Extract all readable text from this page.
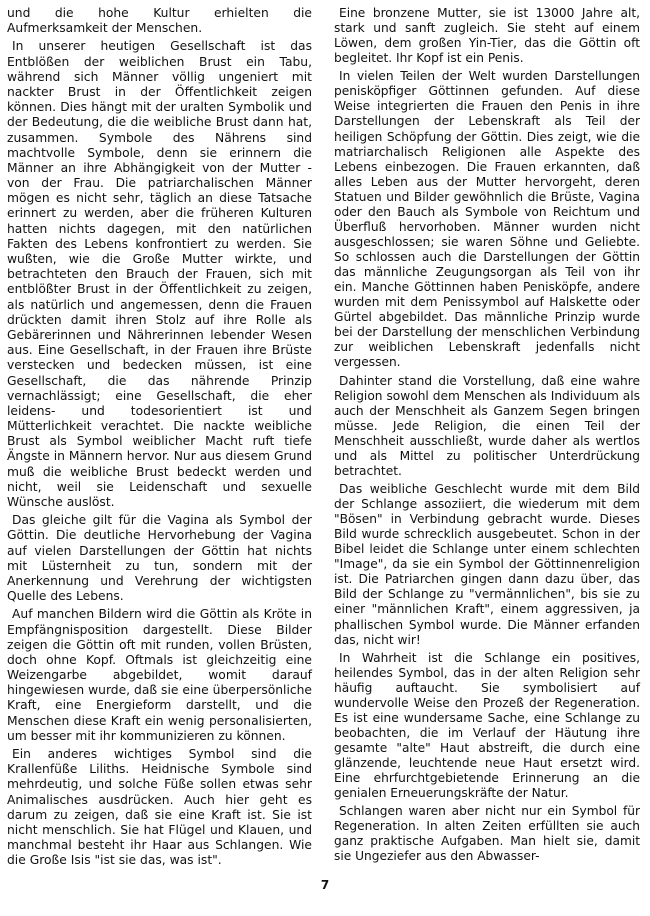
und die hohe Kultur erhielten die Aufmerksamkeit der Menschen.

In unserer heutigen Gesellschaft ist das Entblößen der weiblichen Brust ein Tabu, während sich Männer völlig ungeniert mit nackter Brust in der Öffentlichkeit zeigen können. Dies hängt mit der uralten Symbolik und der Bedeutung, die die weibliche Brust dann hat, zusammen. Symbole des Nährens sind machtvolle Symbole, denn sie erinnern die Männer an ihre Abhängigkeit von der Mutter - von der Frau. Die patriarchalischen Männer mögen es nicht sehr, täglich an diese Tatsache erinnert zu werden, aber die früheren Kulturen hatten nichts dagegen, mit den natürlichen Fakten des Lebens konfrontiert zu werden. Sie wußten, wie die Große Mutter wirkte, und betrachteten den Brauch der Frauen, sich mit entblößter Brust in der Öffentlichkeit zu zeigen, als natürlich und angemessen, denn die Frauen drückten damit ihren Stolz auf ihre Rolle als Gebärerinnen und Nährerinnen lebender Wesen aus. Eine Gesellschaft, in der Frauen ihre Brüste verstecken und bedecken müssen, ist eine Gesellschaft, die das nährende Prinzip vernachlässigt; eine Gesellschaft, die eher leidens- und todesorientiert ist und Mütterlichkeit verachtet. Die nackte weibliche Brust als Symbol weiblicher Macht ruft tiefe Ängste in Männern hervor. Nur aus diesem Grund muß die weibliche Brust bedeckt werden und nicht, weil sie Leidenschaft und sexuelle Wünsche auslöst.

Das gleiche gilt für die Vagina als Symbol der Göttin. Die deutliche Hervorhebung der Vagina auf vielen Darstellungen der Göttin hat nichts mit Lüsternheit zu tun, sondern mit der Anerkennung und Verehrung der wichtigsten Quelle des Lebens.

Auf manchen Bildern wird die Göttin als Kröte in Empfängnisposition dargestellt. Diese Bilder zeigen die Göttin oft mit runden, vollen Brüsten, doch ohne Kopf. Oftmals ist gleichzeitig eine Weizengarbe abgebildet, womit darauf hingewiesen wurde, daß sie eine überpersönliche Kraft, eine Energieform darstellt, und die Menschen diese Kraft ein wenig personalisierten, um besser mit ihr kommunizieren zu können.

Ein anderes wichtiges Symbol sind die Krallenfüße Liliths. Heidnische Symbole sind mehrdeutig, und solche Füße sollen etwas sehr Animalisches ausdrücken. Auch hier geht es darum zu zeigen, daß sie eine Kraft ist. Sie ist nicht menschlich. Sie hat Flügel und Klauen, und manchmal besteht ihr Haar aus Schlangen. Wie die Große Isis "ist sie das, was ist".

Eine bronzene Mutter, sie ist 13000 Jahre alt, stark und sanft zugleich. Sie steht auf einem Löwen, dem großen Yin-Tier, das die Göttin oft begleitet. Ihr Kopf ist ein Penis.

In vielen Teilen der Welt wurden Darstellungen penisköpfiger Göttinnen gefunden. Auf diese Weise integrierten die Frauen den Penis in ihre Darstellungen der Lebenskraft als Teil der heiligen Schöpfung der Göttin. Dies zeigt, wie die matriarchalisch Religionen alle Aspekte des Lebens einbezogen. Die Frauen erkannten, daß alles Leben aus der Mutter hervorgeht, deren Statuen und Bilder gewöhnlich die Brüste, Vagina oder den Bauch als Symbole von Reichtum und Überfluß hervorhoben. Männer wurden nicht ausgeschlossen; sie waren Söhne und Geliebte. So schlossen auch die Darstellungen der Göttin das männliche Zeugungsorgan als Teil von ihr ein. Manche Göttinnen haben Penisköpfe, andere wurden mit dem Penissymbol auf Halskette oder Gürtel abgebildet. Das männliche Prinzip wurde bei der Darstellung der menschlichen Verbindung zur weiblichen Lebenskraft jedenfalls nicht vergessen.

Dahinter stand die Vorstellung, daß eine wahre Religion sowohl dem Menschen als Individuum als auch der Menschheit als Ganzem Segen bringen müsse. Jede Religion, die einen Teil der Menschheit ausschließt, wurde daher als wertlos und als Mittel zu politischer Unterdrückung betrachtet.

Das weibliche Geschlecht wurde mit dem Bild der Schlange assoziiert, die wiederum mit dem "Bösen" in Verbindung gebracht wurde. Dieses Bild wurde schrecklich ausgebeutet. Schon in der Bibel leidet die Schlange unter einem schlechten "Image", da sie ein Symbol der Göttinnenreligion ist. Die Patriarchen gingen dann dazu über, das Bild der Schlange zu "vermännlichen", bis sie zu einer "männlichen Kraft", einem aggressiven, ja phallischen Symbol wurde. Die Männer erfanden das, nicht wir!

In Wahrheit ist die Schlange ein positives, heilendes Symbol, das in der alten Religion sehr häufig auftaucht. Sie symbolisiert auf wundervolle Weise den Prozeß der Regeneration. Es ist eine wundersame Sache, eine Schlange zu beobachten, die im Verlauf der Häutung ihre gesamte "alte" Haut abstreift, die durch eine glänzende, leuchtende neue Haut ersetzt wird. Eine ehrfurchtgebietende Erinnerung an die genialen Erneuerungskräfte der Natur.

Schlangen waren aber nicht nur ein Symbol für Regeneration. In alten Zeiten erfüllten sie auch ganz praktische Aufgaben. Man hielt sie, damit sie Ungeziefer aus den Abwasser-

7
